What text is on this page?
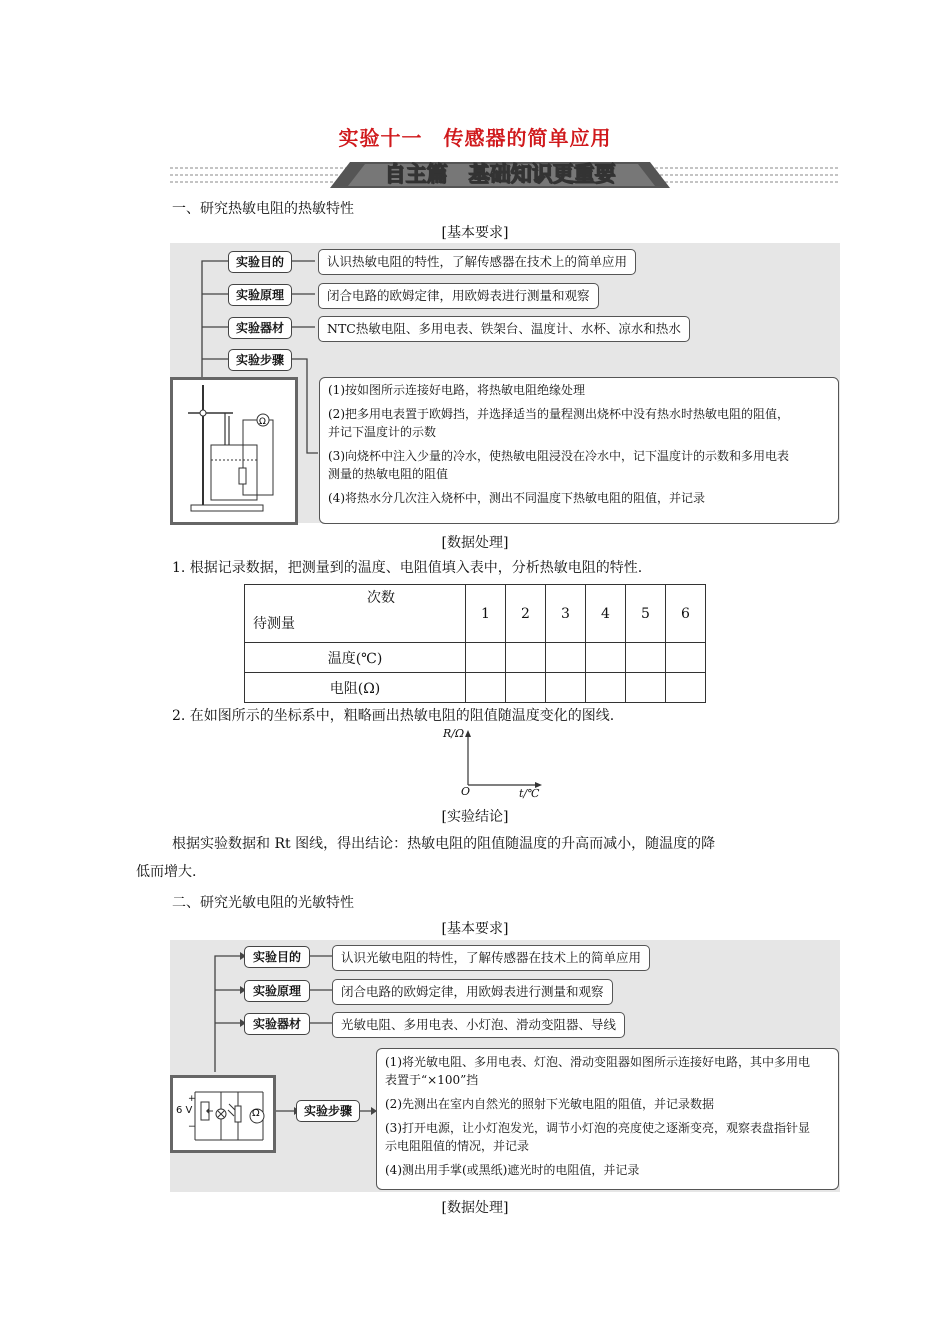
实验十一　传感器的简单应用
自主篇　基础知识更重要
一、研究热敏电阻的热敏特性
[基本要求]
实验目的
实验原理
实验器材
实验步骤
认识热敏电阻的特性，了解传感器在技术上的简单应用
闭合电路的欧姆定律，用欧姆表进行测量和观察
NTC热敏电阻、多用电表、铁架台、温度计、水杯、凉水和热水
Ω
(1)按如图所示连接好电路，将热敏电阻绝缘处理
(2)把多用电表置于欧姆挡，并选择适当的量程测出烧杯中没有热水时热敏电阻的阻值，
并记下温度计的示数
(3)向烧杯中注入少量的冷水，使热敏电阻浸没在冷水中，记下温度计的示数和多用电表
测量的热敏电阻的阻值
(4)将热水分几次注入烧杯中，测出不同温度下热敏电阻的阻值，并记录
[数据处理]
1. 根据记录数据，把测量到的温度、电阻值填入表中，分析热敏电阻的特性.
次数
待测量	1	2	3	4	5	6
温度(℃)						
电阻(Ω)						
2. 在如图所示的坐标系中，粗略画出热敏电阻的阻值随温度变化的图线.
R/Ω
O	t/℃
[实验结论]
根据实验数据和 Rt 图线，得出结论：热敏电阻的阻值随温度的升高而减小，随温度的降
低而增大.
二、研究光敏电阻的光敏特性
[基本要求]
实验目的
实验原理
实验器材
实验步骤
认识光敏电阻的特性，了解传感器在技术上的简单应用
闭合电路的欧姆定律，用欧姆表进行测量和观察
光敏电阻、多用电表、小灯泡、滑动变阻器、导线
+
6 V
−
Ω
(1)将光敏电阻、多用电表、灯泡、滑动变阻器如图所示连接好电路，其中多用电
表置于“×100”挡
(2)先测出在室内自然光的照射下光敏电阻的阻值，并记录数据
(3)打开电源，让小灯泡发光，调节小灯泡的亮度使之逐渐变亮，观察表盘指针显
示电阻阻值的情况，并记录
(4)测出用手掌(或黑纸)遮光时的电阻值，并记录
[数据处理]
